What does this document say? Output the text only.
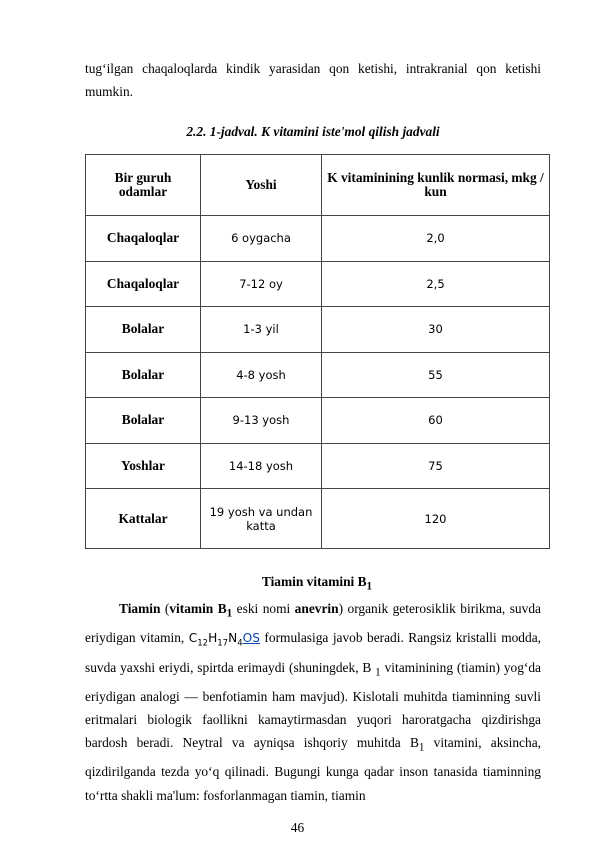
tug‘ilgan chaqaloqlarda kindik yarasidan qon ketishi, intrakranial qon ketishi mumkin.
2.2. 1-jadval. K vitamini iste'mol qilish jadvali
Bir guruh odamlar	Yoshi	K vitaminining kunlik normasi, mkg / kun
Chaqaloqlar	6 oygacha	2,0
Chaqaloqlar	7-12 oy	2,5
Bolalar	1-3 yil	30
Bolalar	4-8 yosh	55
Bolalar	9-13 yosh	60
Yoshlar	14-18 yosh	75
Kattalar	19 yosh va undan katta	120
Tiamin vitamini $B_1$
Tiamin (vitamin $B_1$ eski nomi anevrin) organik geterosiklik birikma, suvda eriydigan vitamin, $C_{12}H_{17}N_4OS$ formulasiga javob beradi. Rangsiz kristalli modda, suvda yaxshi eriydi, spirtda erimaydi (shuningdek, B $_1$ vitaminining (tiamin) yog‘da eriydigan analogi — benfotiamin ham mavjud). Kislotali muhitda tiaminning suvli eritmalari biologik faollikni kamaytirmasdan yuqori haroratgacha qizdirishga bardosh beradi. Neytral va ayniqsa ishqoriy muhitda $B_1$ vitamini, aksincha, qizdirilganda tezda yo‘q qilinadi. Bugungi kunga qadar inson tanasida tiaminning to‘rtta shakli ma'lum: fosforlanmagan tiamin, tiamin
46
